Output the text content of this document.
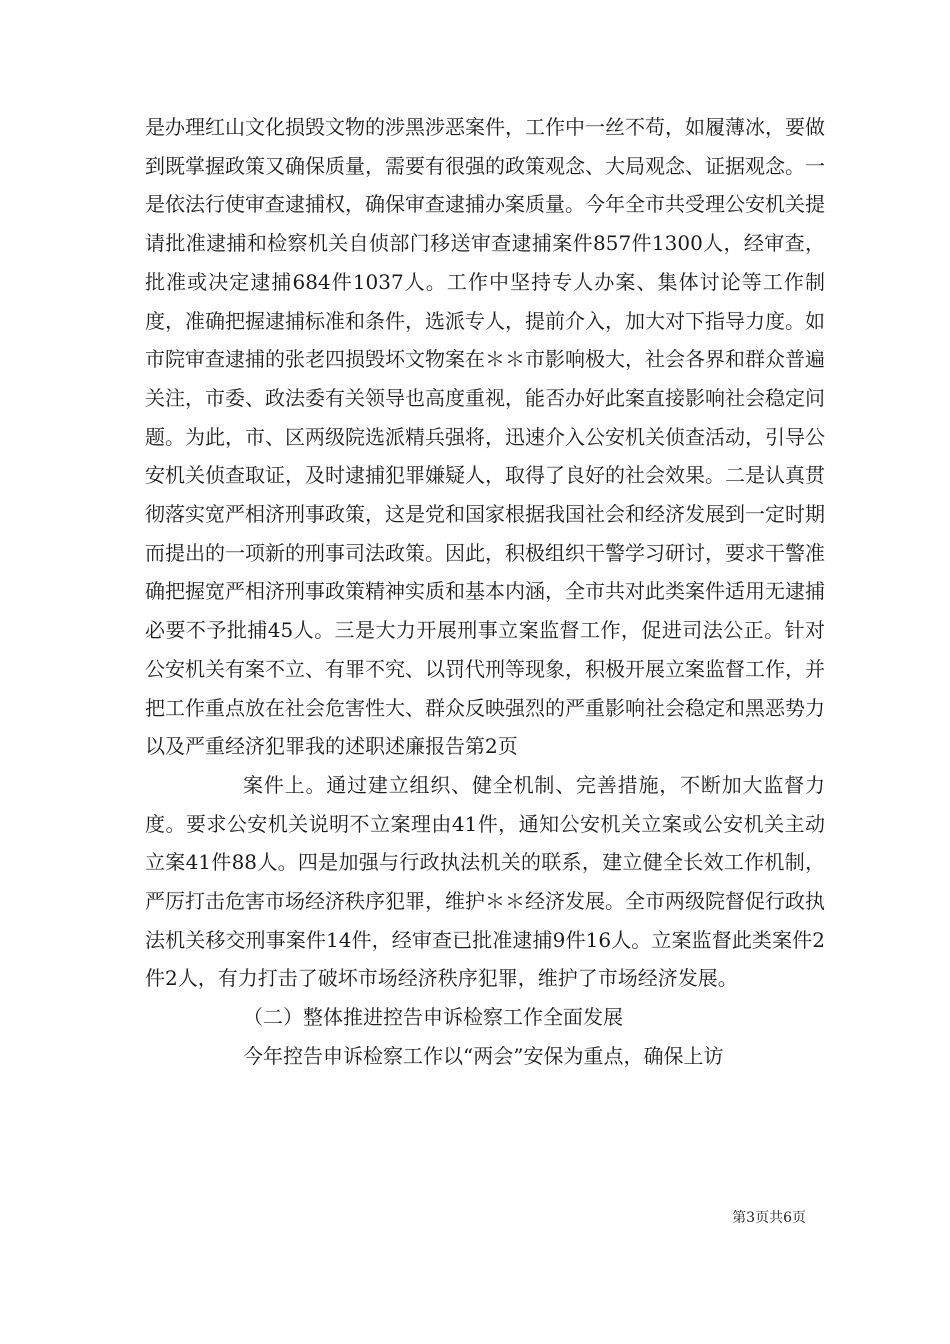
是办理红山文化损毁文物的涉黑涉恶案件，工作中一丝不苟，如履薄冰，要做到既掌握政策又确保质量，需要有很强的政策观念、大局观念、证据观念。一是依法行使审查逮捕权，确保审查逮捕办案质量。今年全市共受理公安机关提请批准逮捕和检察机关自侦部门移送审查逮捕案件857件1300人，经审查，批准或决定逮捕684件1037人。工作中坚持专人办案、集体讨论等工作制度，准确把握逮捕标准和条件，选派专人，提前介入，加大对下指导力度。如市院审查逮捕的张老四损毁坏文物案在＊＊市影响极大，社会各界和群众普遍关注，市委、政法委有关领导也高度重视，能否办好此案直接影响社会稳定问题。为此，市、区两级院选派精兵强将，迅速介入公安机关侦查活动，引导公安机关侦查取证，及时逮捕犯罪嫌疑人，取得了良好的社会效果。二是认真贯彻落实宽严相济刑事政策，这是党和国家根据我国社会和经济发展到一定时期而提出的一项新的刑事司法政策。因此，积极组织干警学习研讨，要求干警准确把握宽严相济刑事政策精神实质和基本内涵，全市共对此类案件适用无逮捕必要不予批捕45人。三是大力开展刑事立案监督工作，促进司法公正。针对公安机关有案不立、有罪不究、以罚代刑等现象，积极开展立案监督工作，并把工作重点放在社会危害性大、群众反映强烈的严重影响社会稳定和黑恶势力以及严重经济犯罪我的述职述廉报告第2页

案件上。通过建立组织、健全机制、完善措施，不断加大监督力度。要求公安机关说明不立案理由41件，通知公安机关立案或公安机关主动立案41件88人。四是加强与行政执法机关的联系，建立健全长效工作机制，严厉打击危害市场经济秩序犯罪，维护＊＊经济发展。全市两级院督促行政执法机关移交刑事案件14件，经审查已批准逮捕9件16人。立案监督此类案件2件2人，有力打击了破坏市场经济秩序犯罪，维护了市场经济发展。

（二）整体推进控告申诉检察工作全面发展

今年控告申诉检察工作以“两会”安保为重点，确保上访

第3页共6页
